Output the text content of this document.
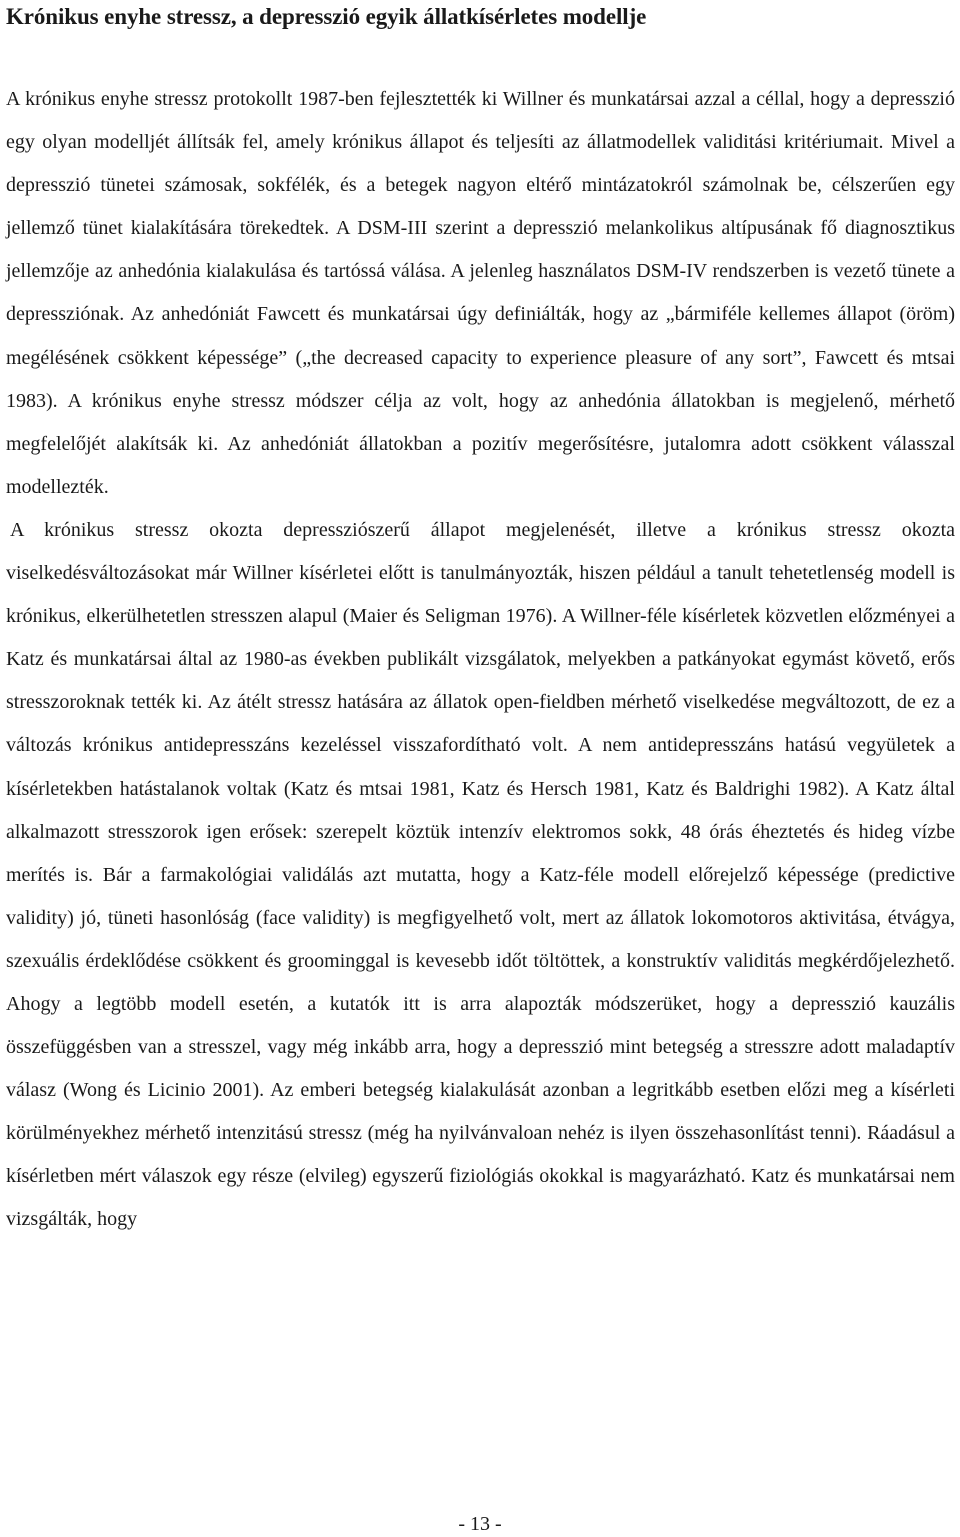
Krónikus enyhe stressz, a depresszió egyik állatkísérletes modellje

A krónikus enyhe stressz protokollt 1987-ben fejlesztették ki Willner és munkatársai azzal a céllal, hogy a depresszió egy olyan modelljét állítsák fel, amely krónikus állapot és teljesíti az állatmodellek validitási kritériumait. Mivel a depresszió tünetei számosak, sokfélék, és a betegek nagyon eltérő mintázatokról számolnak be, célszerűen egy jellemző tünet kialakítására törekedtek. A DSM-III szerint a depresszió melankolikus altípusának fő diagnosztikus jellemzője az anhedónia kialakulása és tartóssá válása. A jelenleg használatos DSM-IV rendszerben is vezető tünete a depressziónak. Az anhedóniát Fawcett és munkatársai úgy definiálták, hogy az „bármiféle kellemes állapot (öröm) megélésének csökkent képessége” („the decreased capacity to experience pleasure of any sort”, Fawcett és mtsai 1983). A krónikus enyhe stressz módszer célja az volt, hogy az anhedónia állatokban is megjelenő, mérhető megfelelőjét alakítsák ki. Az anhedóniát állatokban a pozitív megerősítésre, jutalomra adott csökkent válasszal modellezték.

A krónikus stressz okozta depressziószerű állapot megjelenését, illetve a krónikus stressz okozta viselkedésváltozásokat már Willner kísérletei előtt is tanulmányozták, hiszen például a tanult tehetetlenség modell is krónikus, elkerülhetetlen stresszen alapul (Maier és Seligman 1976). A Willner-féle kísérletek közvetlen előzményei a Katz és munkatársai által az 1980-as években publikált vizsgálatok, melyekben a patkányokat egymást követő, erős stresszoroknak tették ki. Az átélt stressz hatására az állatok open-fieldben mérhető viselkedése megváltozott, de ez a változás krónikus antidepresszáns kezeléssel visszafordítható volt. A nem antidepresszáns hatású vegyületek a kísérletekben hatástalanok voltak (Katz és mtsai 1981, Katz és Hersch 1981, Katz és Baldrighi 1982). A Katz által alkalmazott stresszorok igen erősek: szerepelt köztük intenzív elektromos sokk, 48 órás éheztetés és hideg vízbe merítés is. Bár a farmakológiai validálás azt mutatta, hogy a Katz-féle modell előrejelző képessége (predictive validity) jó, tüneti hasonlóság (face validity) is megfigyelhető volt, mert az állatok lokomotoros aktivitása, étvágya, szexuális érdeklődése csökkent és groominggal is kevesebb időt töltöttek, a konstruktív validitás megkérdőjelezhető. Ahogy a legtöbb modell esetén, a kutatók itt is arra alapozták módszerüket, hogy a depresszió kauzális összefüggésben van a stresszel, vagy még inkább arra, hogy a depresszió mint betegség a stresszre adott maladaptív válasz (Wong és Licinio 2001). Az emberi betegség kialakulását azonban a legritkább esetben előzi meg a kísérleti körülményekhez mérhető intenzitású stressz (még ha nyilvánvaloan nehéz is ilyen összehasonlítást tenni). Ráadásul a kísérletben mért válaszok egy része (elvileg) egyszerű fiziológiás okokkal is magyarázható. Katz és munkatársai nem vizsgálták, hogy

- 13 -
